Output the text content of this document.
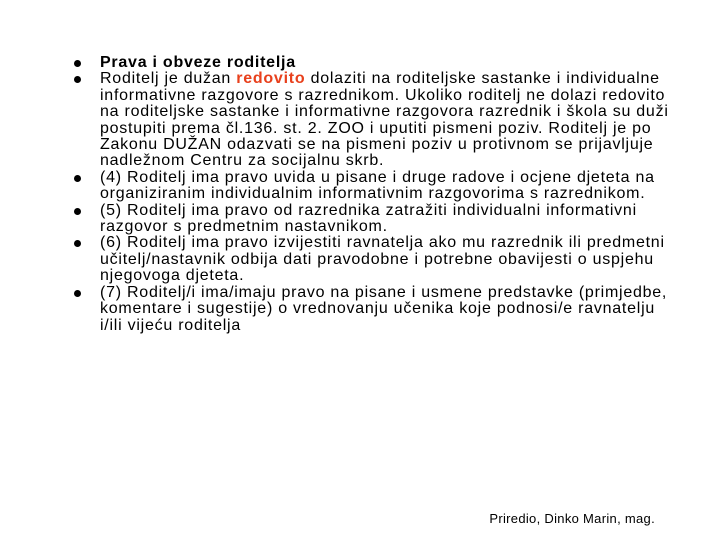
Prava i obveze roditelja
Roditelj je dužan redovito dolaziti na roditeljske sastanke i individualne informativne razgovore s razrednikom. Ukoliko roditelj ne dolazi redovito na roditeljske sastanke i informativne razgovora razrednik i škola su duži postupiti prema čl.136. st. 2. ZOO i uputiti pismeni poziv. Roditelj je po Zakonu DUŽAN odazvati se na pismeni poziv u protivnom se prijavljuje nadležnom Centru za socijalnu skrb.
(4) Roditelj ima pravo uvida u pisane i druge radove i ocjene djeteta na organiziranim individualnim informativnim razgovorima s razrednikom.
(5) Roditelj ima pravo od razrednika zatražiti individualni informativni razgovor s predmetnim nastavnikom.
(6) Roditelj ima pravo izvijestiti ravnatelja ako mu razrednik ili predmetni učitelj/nastavnik odbija dati pravodobne i potrebne obavijesti o uspjehu njegovoga djeteta.
(7) Roditelj/i ima/imaju pravo na pisane i usmene predstavke (primjedbe, komentare i sugestije) o vrednovanju učenika koje podnosi/e ravnatelju i/ili vijeću roditelja
Priredio, Dinko Marin, mag.
